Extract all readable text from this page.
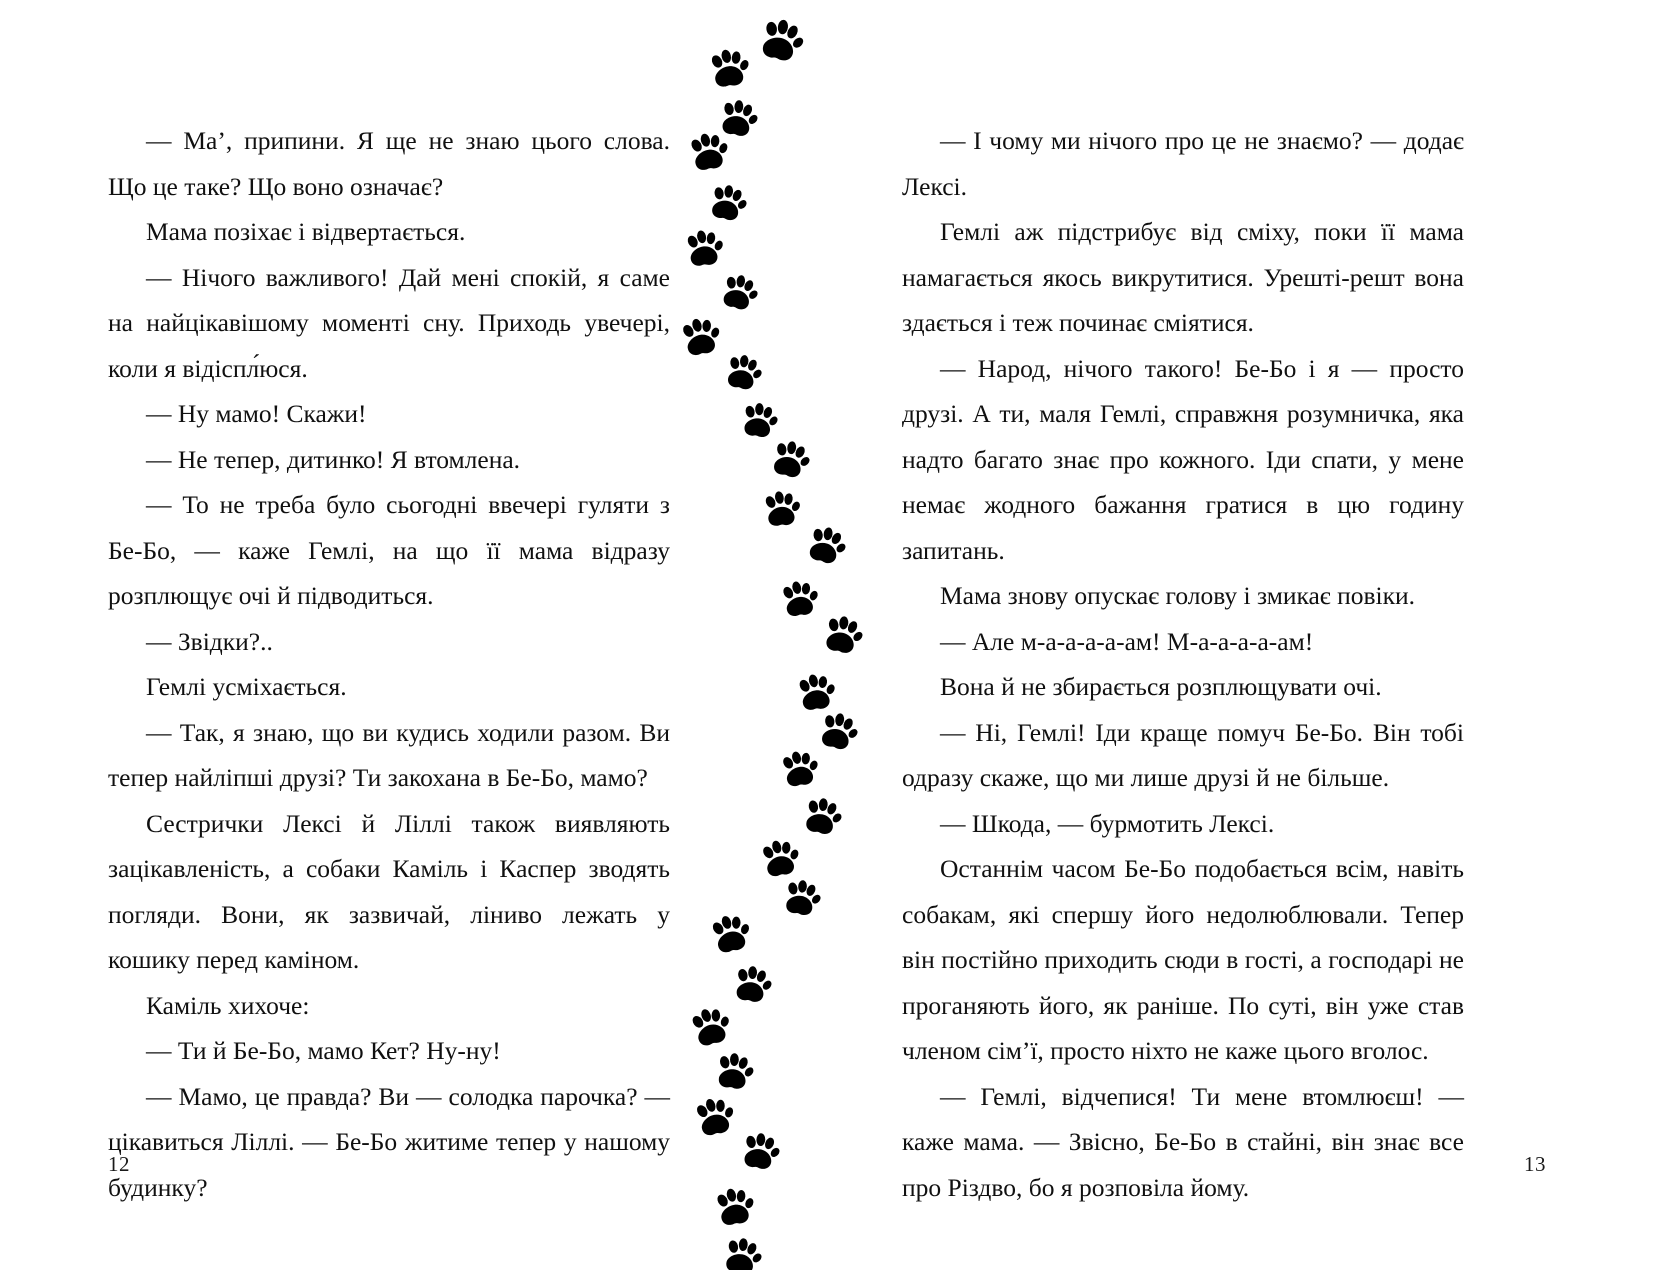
— Ма’, припини. Я ще не знаю цього слова. Що це таке? Що воно означає?

Мама позіхає і відвертається.

— Нічого важливого! Дай мені спокій, я саме на найцікавішому моменті сну. Приходь увечері, коли я відіспл́юся.

— Ну мамо! Скажи!

— Не тепер, дитинко! Я втомлена.

— То не треба було сьогодні ввечері гуляти з Бе-Бо, — каже Гемлі, на що її мама відразу розплющує очі й підводиться.

— Звідки?..

Гемлі усміхається.

— Так, я знаю, що ви кудись ходили разом. Ви тепер найліпші друзі? Ти закохана в Бе-Бо, мамо?

Сестрички Лексі й Ліллі також виявляють зацікавленість, а собаки Каміль і Каспер зводять погляди. Вони, як зазвичай, ліниво лежать у кошику перед каміном.

Каміль хихоче:

— Ти й Бе-Бо, мамо Кет? Ну-ну!

— Мамо, це правда? Ви — солодка парочка? — цікавиться Ліллі. — Бе-Бо житиме тепер у нашому будинку?

— І чому ми нічого про це не знаємо? — додає Лексі.

Гемлі аж підстрибує від сміху, поки її мама намагається якось викрутитися. Урешті-решт вона здається і теж починає сміятися.

— Народ, нічого такого! Бе-Бо і я — просто друзі. А ти, маля Гемлі, справжня розумничка, яка надто багато знає про кожного. Іди спати, у мене немає жодного бажання гратися в цю годину запитань.

Мама знову опускає голову і змикає повіки.

— Але м-а-а-а-а-ам! М-а-а-а-а-ам!

Вона й не збирається розплющувати очі.

— Ні, Гемлі! Іди краще помуч Бе-Бо. Він тобі одразу скаже, що ми лише друзі й не більше.

— Шкода, — бурмотить Лексі.

Останнім часом Бе-Бо подобається всім, навіть собакам, які спершу його недолюблювали. Тепер він постійно приходить сюди в гості, а господарі не проганяють його, як раніше. По суті, він уже став членом сім’ї, просто ніхто не каже цього вголос.

— Гемлі, відчепися! Ти мене втомлюєш! — каже мама. — Звісно, Бе-Бо в стайні, він знає все про Різдво, бо я розповіла йому.

12	13
